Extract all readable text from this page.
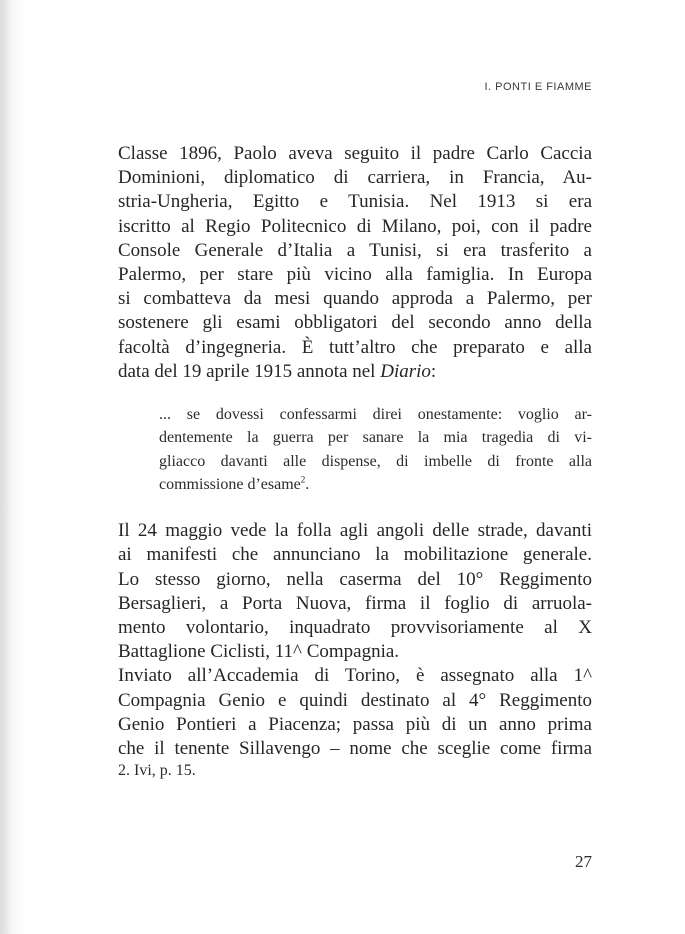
I. PONTI E FIAMME

Classe 1896, Paolo aveva seguito il padre Carlo Caccia
Dominioni, diplomatico di carriera, in Francia, Au-
stria-Ungheria, Egitto e Tunisia. Nel 1913 si era
iscritto al Regio Politecnico di Milano, poi, con il padre
Console Generale d’Italia a Tunisi, si era trasferito a
Palermo, per stare più vicino alla famiglia. In Europa
si combatteva da mesi quando approda a Palermo, per
sostenere gli esami obbligatori del secondo anno della
facoltà d’ingegneria. È tutt’altro che preparato e alla
data del 19 aprile 1915 annota nel Diario:

... se dovessi confessarmi direi onestamente: voglio ar-
dentemente la guerra per sanare la mia tragedia di vi-
gliacco davanti alle dispense, di imbelle di fronte alla
commissione d’esame$^2$.

Il 24 maggio vede la folla agli angoli delle strade, davanti
ai manifesti che annunciano la mobilitazione generale.
Lo stesso giorno, nella caserma del 10° Reggimento
Bersaglieri, a Porta Nuova, firma il foglio di arruola-
mento volontario, inquadrato provvisoriamente al X
Battaglione Ciclisti, 11^ Compagnia.

Inviato all’Accademia di Torino, è assegnato alla 1^
Compagnia Genio e quindi destinato al 4° Reggimento
Genio Pontieri a Piacenza; passa più di un anno prima
che il tenente Sillavengo – nome che sceglie come firma

2. Ivi, p. 15.
27
